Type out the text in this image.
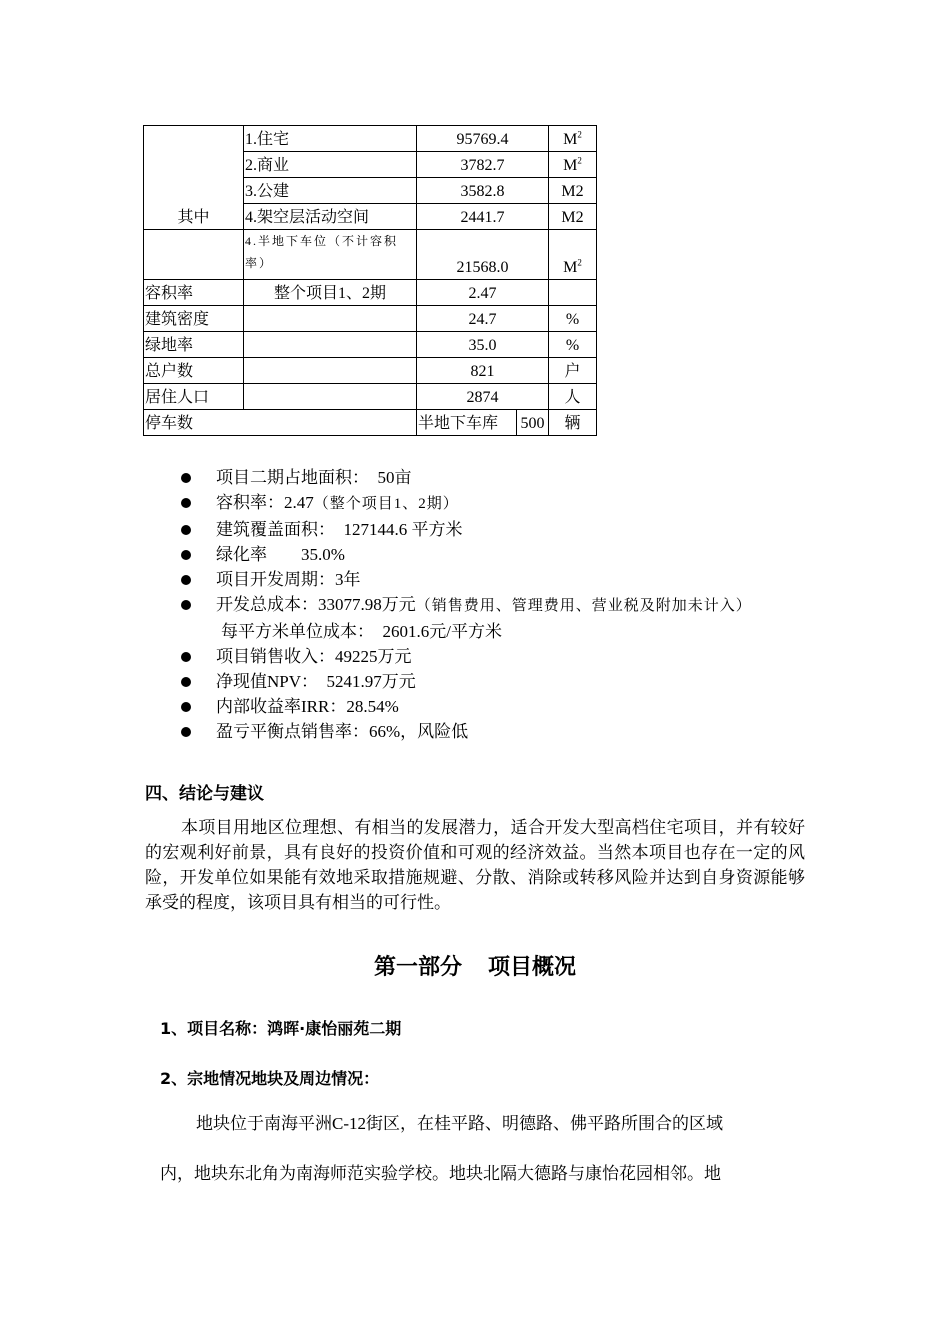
其中	1.住宅	95769.4		$M^2$
	2.商业	3782.7		$M^2$
	3.公建	3582.8		M2
	4.架空层活动空间	2441.7		M2
	4.半地下车位（不计容积率）	21568.0		$M^2$
容积率	整个项目1、2期	2.47		
建筑密度		24.7		%
绿地率		35.0		%
总户数		821		户
居住人口		2874		人
停车数		半地下车库	500	辆
项目二期占地面积：　50亩
容积率：2.47（整个项目1、2期）
建筑覆盖面积：　127144.6 平方米
绿化率　　35.0%
项目开发周期：3年
开发总成本：33077.98万元（销售费用、管理费用、营业税及附加未计入）
每平方米单位成本：　2601.6元/平方米
项目销售收入：49225万元
净现值NPV：　5241.97万元
内部收益率IRR：28.54%
盈亏平衡点销售率：66%，风险低
四、结论与建议
本项目用地区位理想、有相当的发展潜力，适合开发大型高档住宅项目，并有较好的宏观利好前景，具有良好的投资价值和可观的经济效益。当然本项目也存在一定的风险，开发单位如果能有效地采取措施规避、分散、消除或转移风险并达到自身资源能够承受的程度，该项目具有相当的可行性。
第一部分 项目概况
1、项目名称：鸿晖·康怡丽苑二期
2、宗地情况地块及周边情况：
地块位于南海平洲C-12街区，在桂平路、明德路、佛平路所围合的区域
内，地块东北角为南海师范实验学校。地块北隔大德路与康怡花园相邻。地
